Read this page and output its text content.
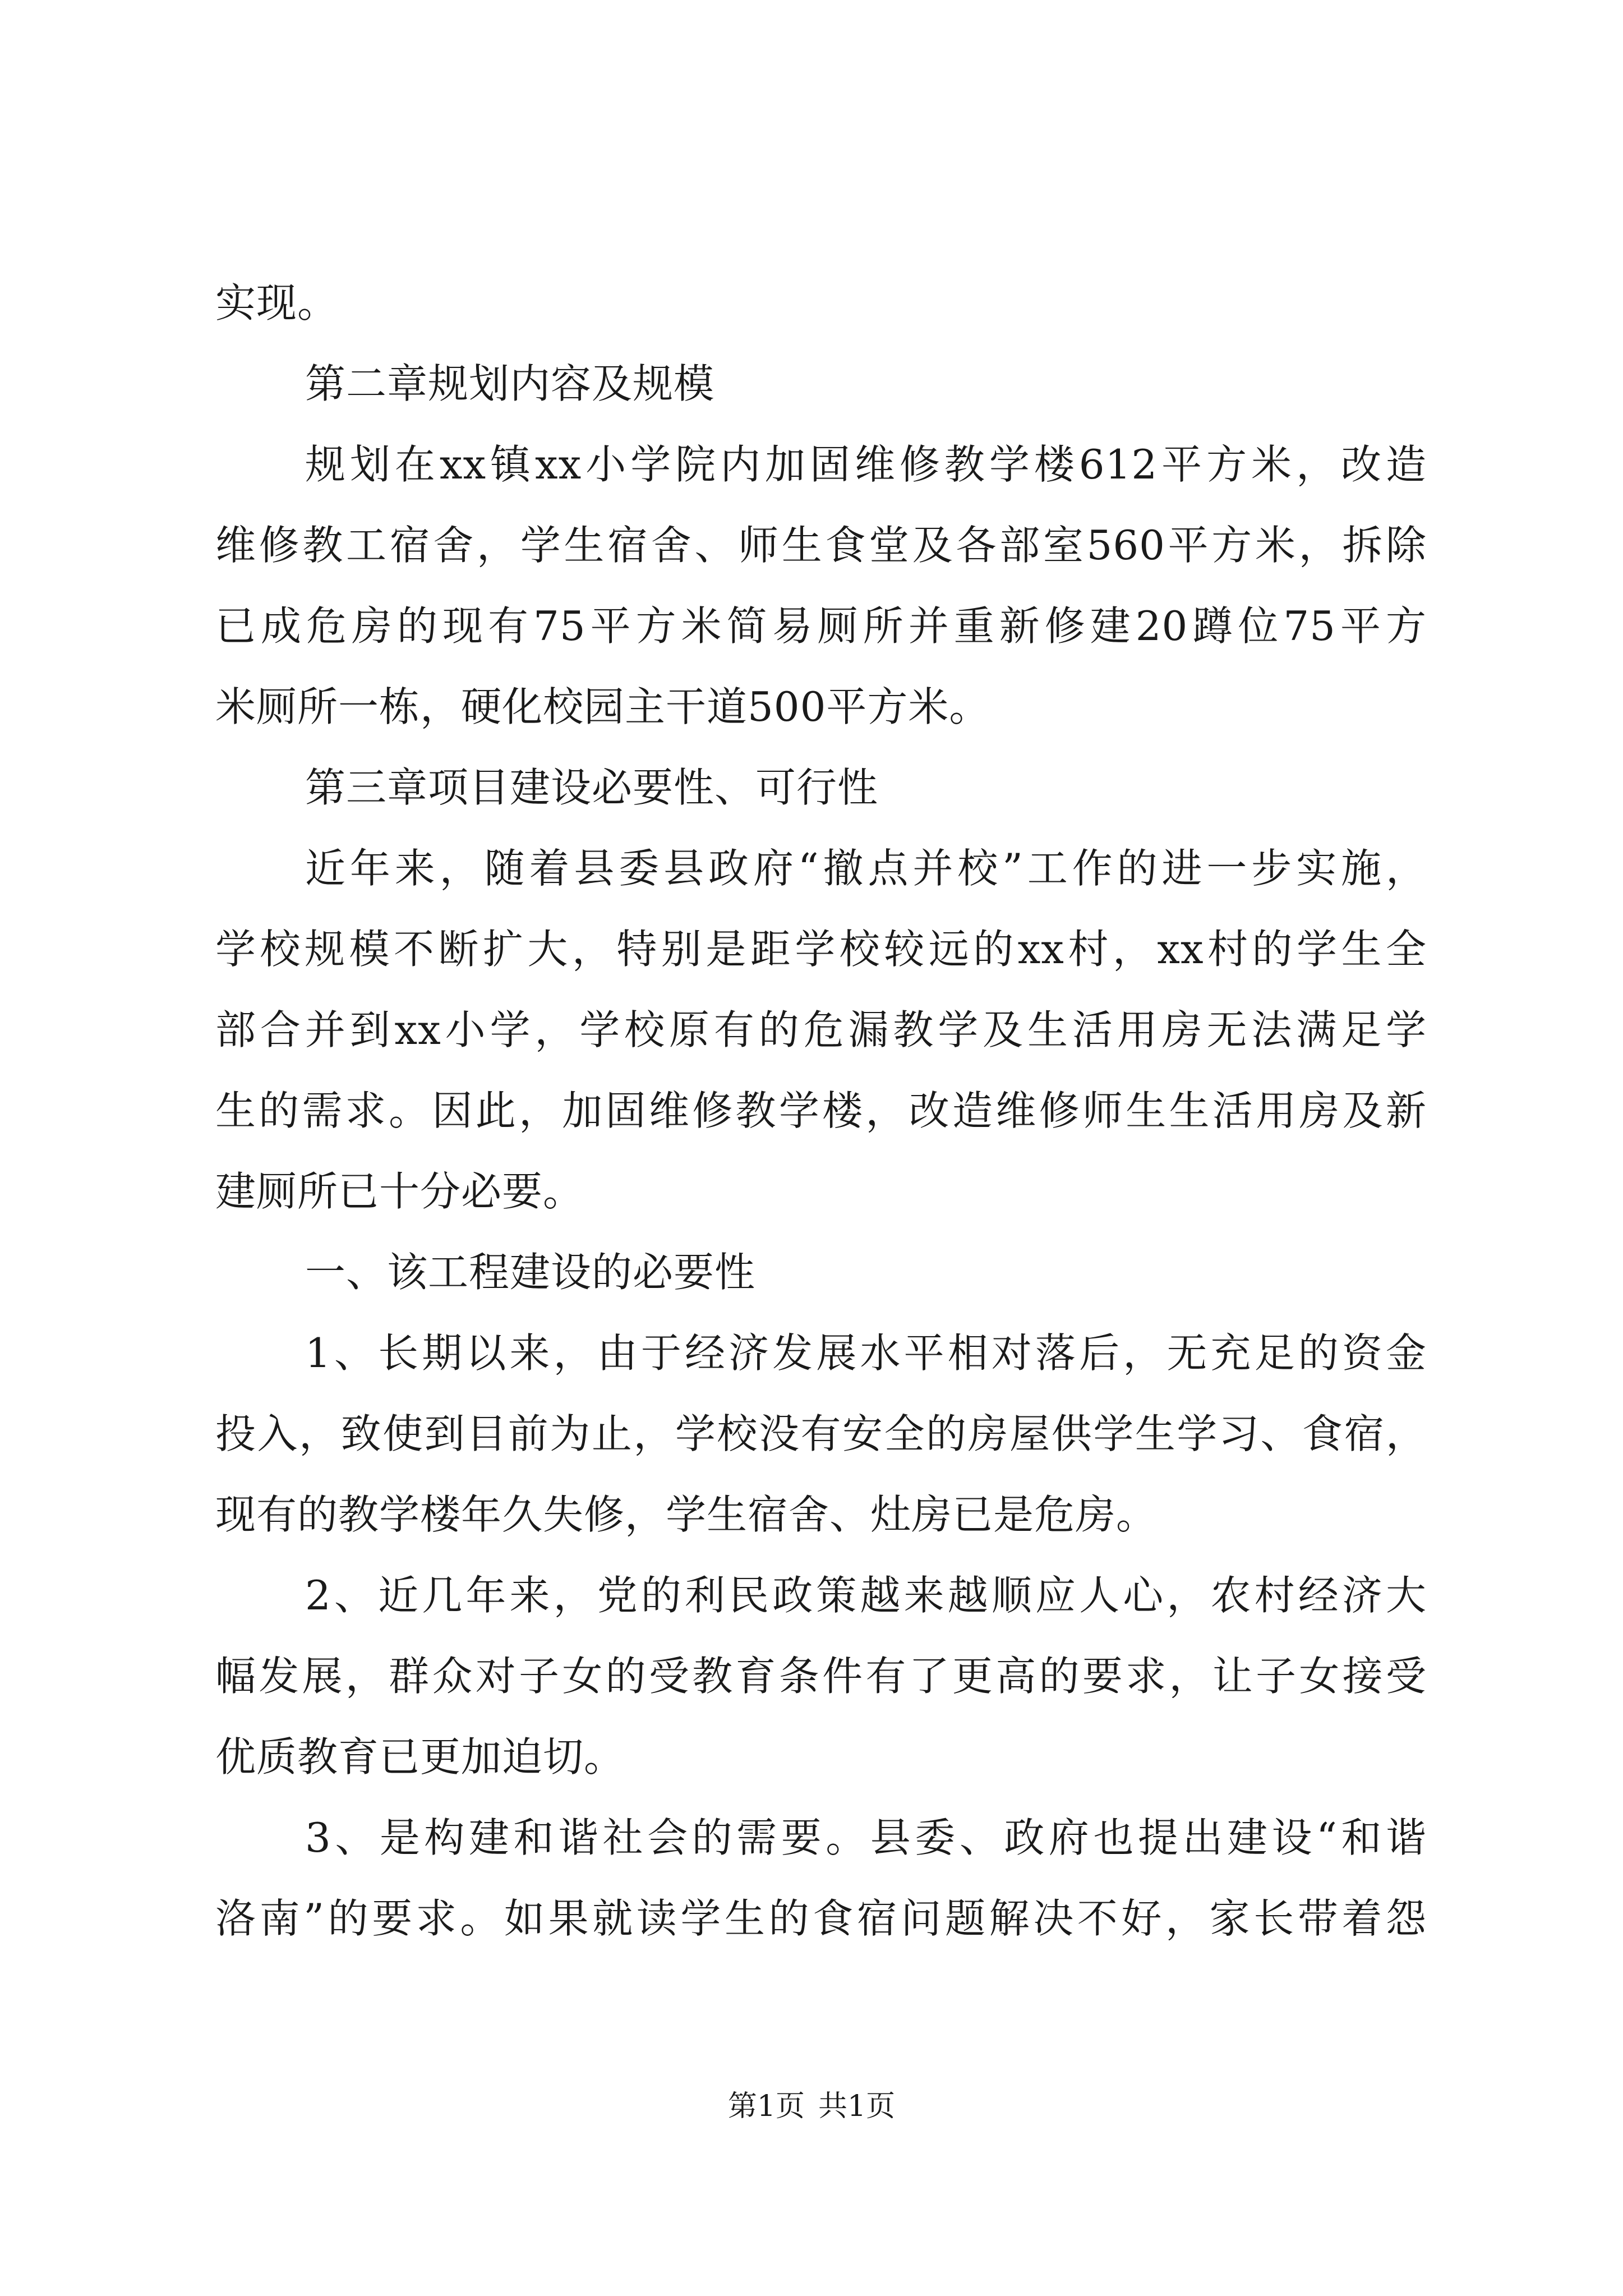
实现。
第二章规划内容及规模
规划在xx镇xx小学院内加固维修教学楼612平方米，改造
维修教工宿舍，学生宿舍、师生食堂及各部室560平方米，拆除
已成危房的现有75平方米简易厕所并重新修建20蹲位75平方
米厕所一栋，硬化校园主干道500平方米。
第三章项目建设必要性、可行性
近年来，随着县委县政府“撤点并校”工作的进一步实施，
学校规模不断扩大，特别是距学校较远的xx村，xx村的学生全
部合并到xx小学，学校原有的危漏教学及生活用房无法满足学
生的需求。因此，加固维修教学楼，改造维修师生生活用房及新
建厕所已十分必要。
一、该工程建设的必要性
1、长期以来，由于经济发展水平相对落后，无充足的资金
投入，致使到目前为止，学校没有安全的房屋供学生学习、食宿，
现有的教学楼年久失修，学生宿舍、灶房已是危房。
2、近几年来，党的利民政策越来越顺应人心，农村经济大
幅发展，群众对子女的受教育条件有了更高的要求，让子女接受
优质教育已更加迫切。
3、是构建和谐社会的需要。县委、政府也提出建设“和谐
洛南”的要求。如果就读学生的食宿问题解决不好，家长带着怨
第1页 共1页
